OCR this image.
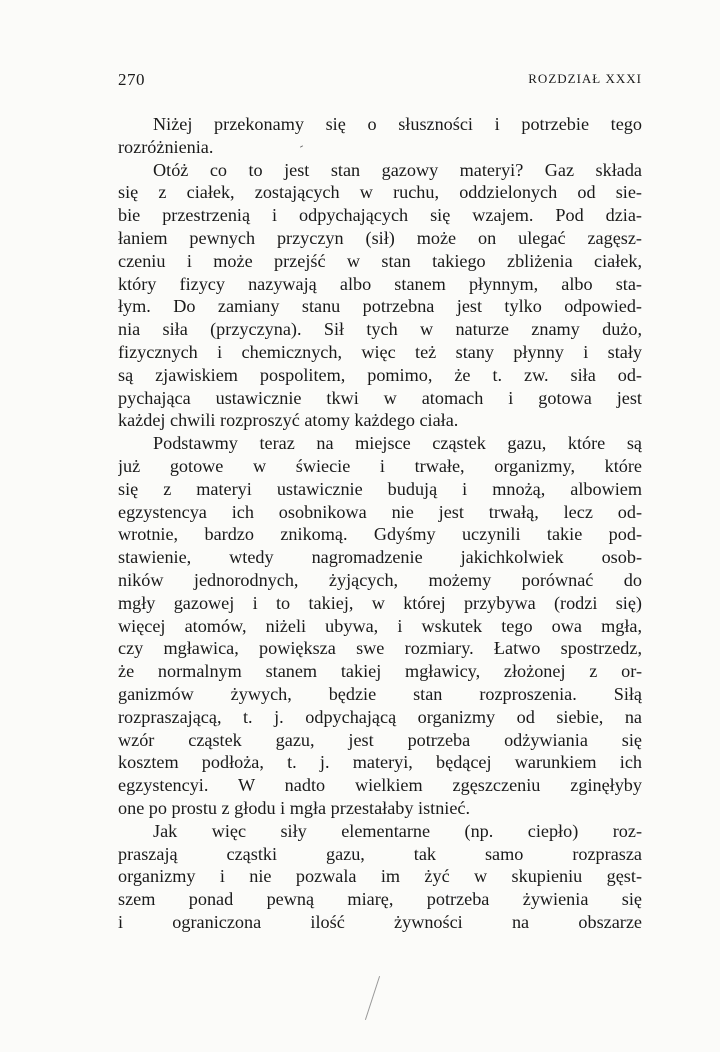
270	ROZDZIAŁ XXXI
Niżej przekonamy się o słuszności i potrzebie tego
rozróżnienia.
Otóż co to jest stan gazowy materyi? Gaz składa
się z ciałek, zostających w ruchu, oddzielonych od sie-
bie przestrzenią i odpychających się wzajem. Pod dzia-
łaniem pewnych przyczyn (sił) może on ulegać zagęsz-
czeniu i może przejść w stan takiego zbliżenia ciałek,
który fizycy nazywają albo stanem płynnym, albo sta-
łym. Do zamiany stanu potrzebna jest tylko odpowied-
nia siła (przyczyna). Sił tych w naturze znamy dużo,
fizycznych i chemicznych, więc też stany płynny i stały
są zjawiskiem pospolitem, pomimo, że t. zw. siła od-
pychająca ustawicznie tkwi w atomach i gotowa jest
każdej chwili rozproszyć atomy każdego ciała.
Podstawmy teraz na miejsce cząstek gazu, które są
już gotowe w świecie i trwałe, organizmy, które
się z materyi ustawicznie budują i mnożą, albowiem
egzystencya ich osobnikowa nie jest trwałą, lecz od-
wrotnie, bardzo znikomą. Gdyśmy uczynili takie pod-
stawienie, wtedy nagromadzenie jakichkolwiek osob-
ników jednorodnych, żyjących, możemy porównać do
mgły gazowej i to takiej, w której przybywa (rodzi się)
więcej atomów, niżeli ubywa, i wskutek tego owa mgła,
czy mgławica, powiększa swe rozmiary. Łatwo spostrzedz,
że normalnym stanem takiej mgławicy, złożonej z or-
ganizmów żywych, będzie stan rozproszenia. Siłą
rozpraszającą, t. j. odpychającą organizmy od siebie, na
wzór cząstek gazu, jest potrzeba odżywiania się
kosztem podłoża, t. j. materyi, będącej warunkiem ich
egzystencyi. W nadto wielkiem zgęszczeniu zginęłyby
one po prostu z głodu i mgła przestałaby istnieć.
Jak więc siły elementarne (np. ciepło) roz-
praszają cząstki gazu, tak samo rozprasza
organizmy i nie pozwala im żyć w skupieniu gęst-
szem ponad pewną miarę, potrzeba żywienia się
i ograniczona ilość żywności na obszarze
